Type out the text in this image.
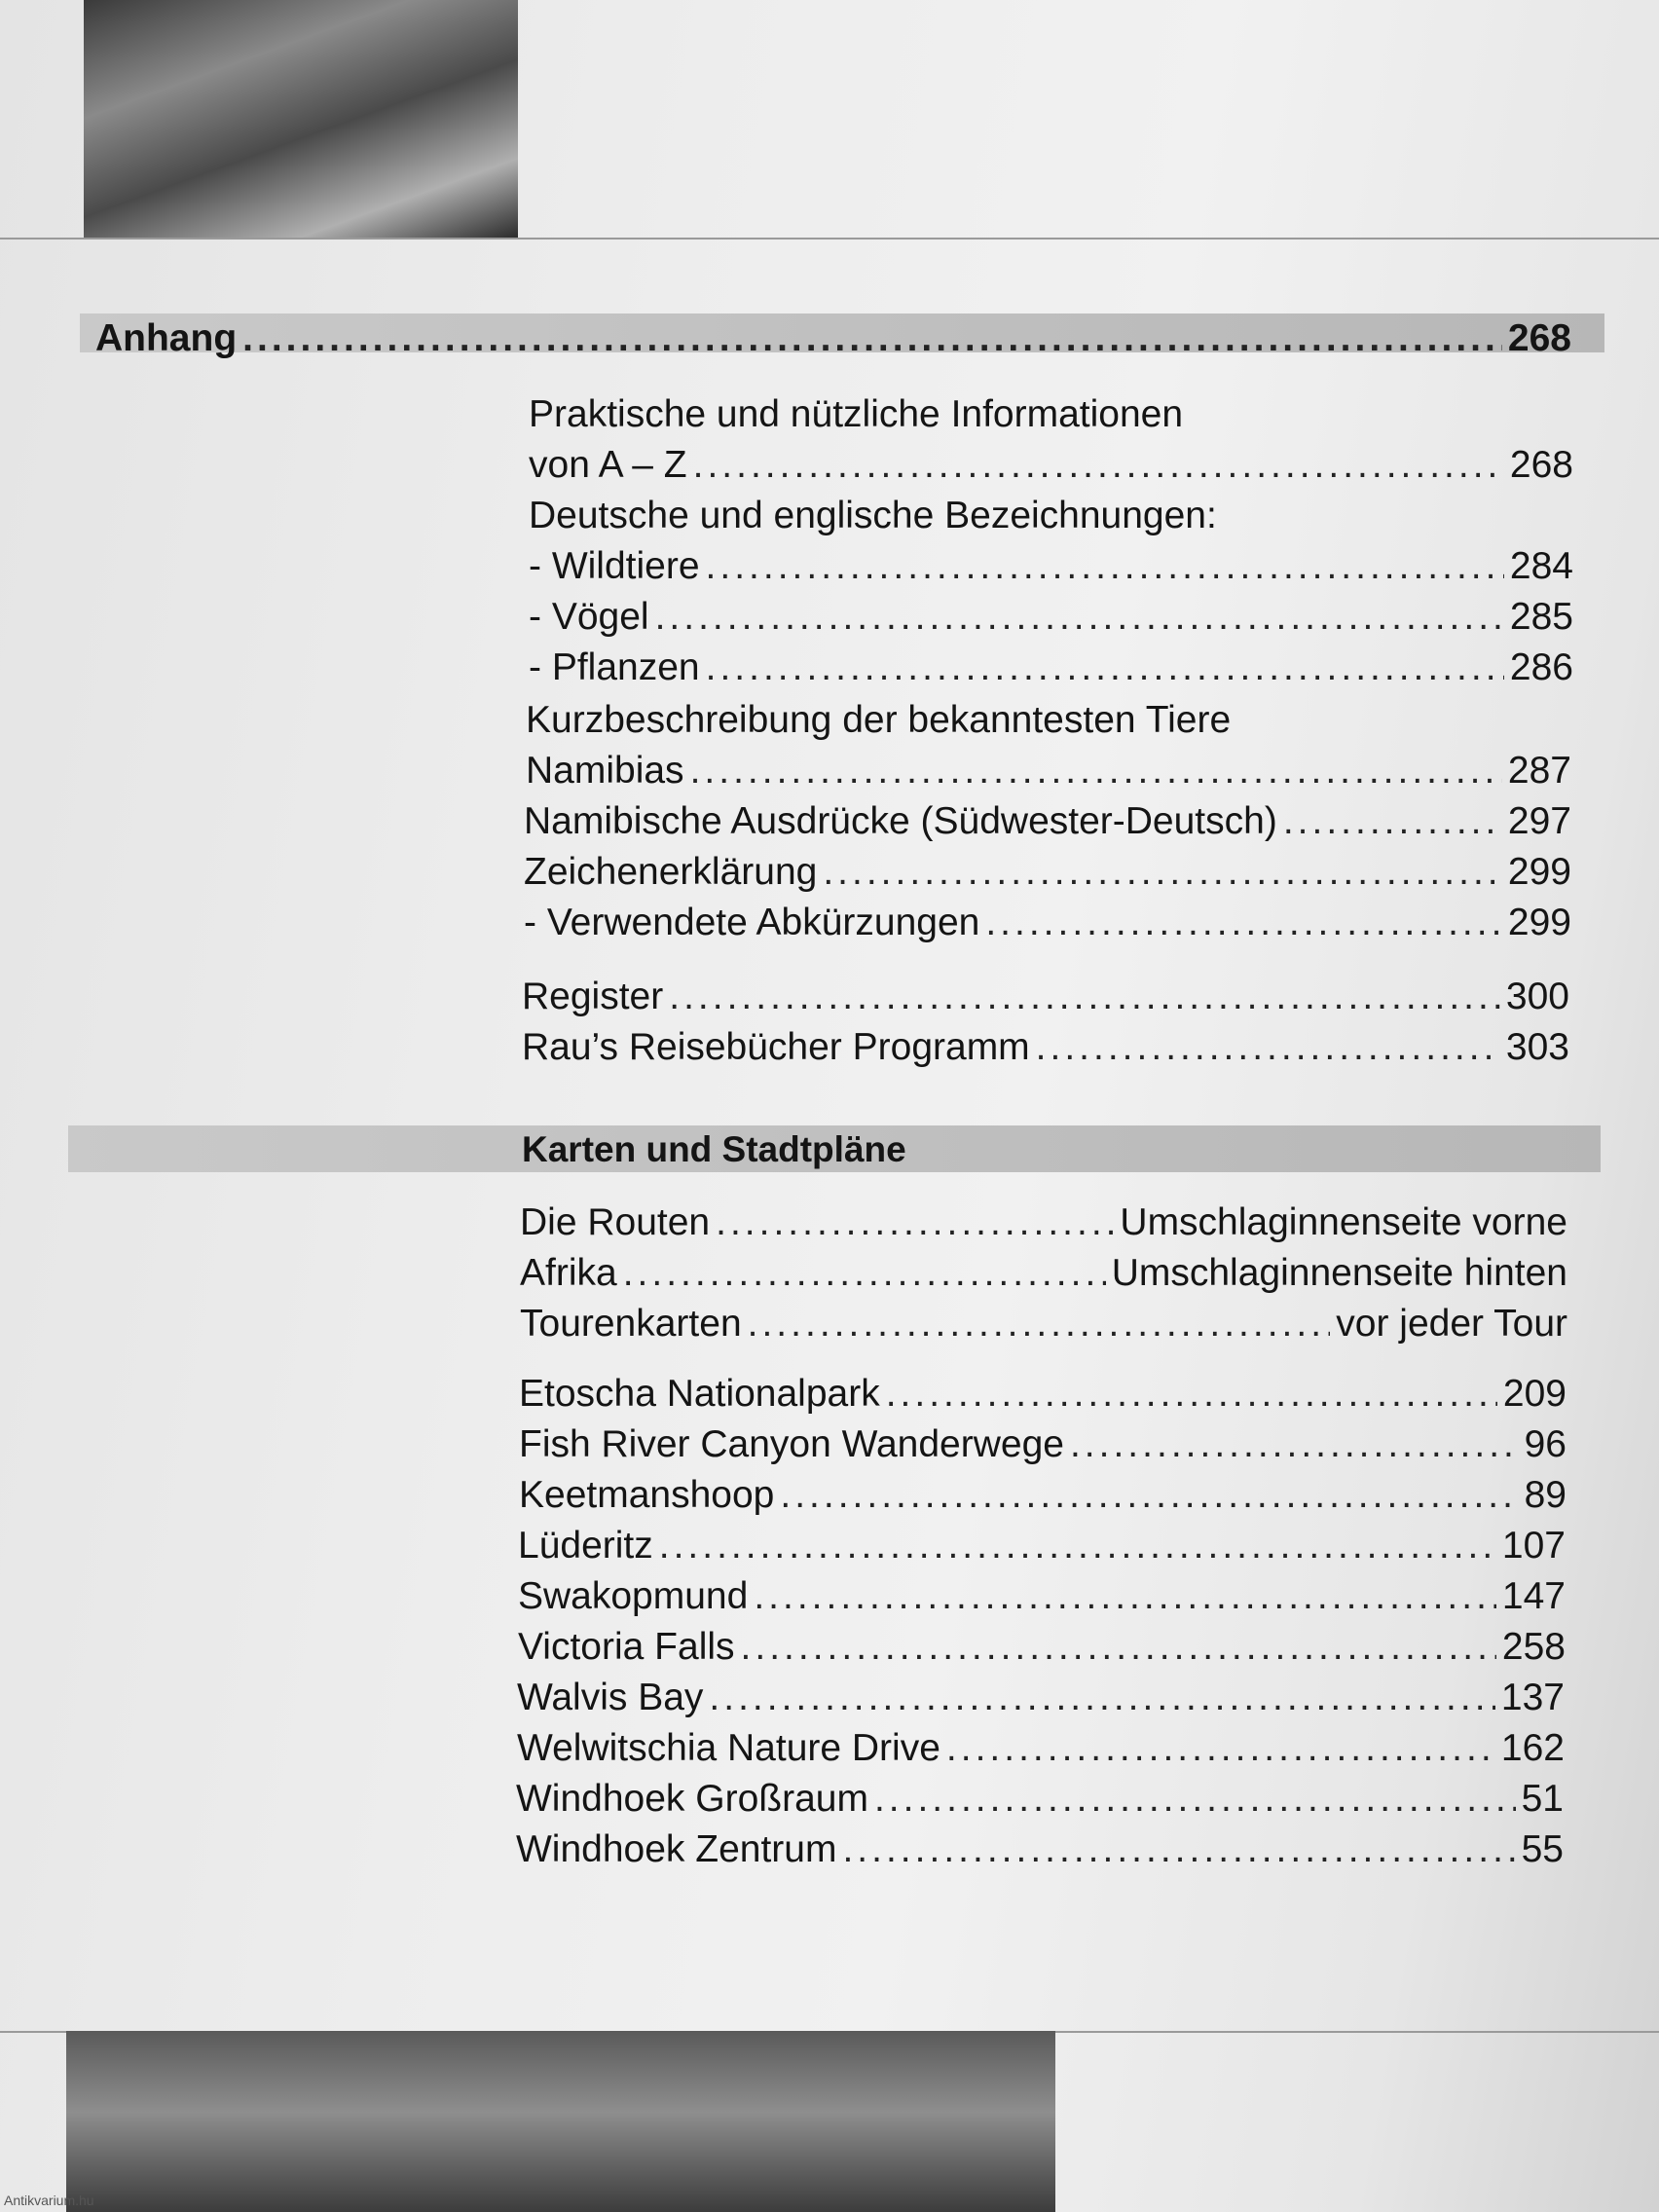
Anhang .....	268
Praktische und nützliche Informationen
von A – Z .....	268
Deutsche und englische Bezeichnungen:
- Wildtiere .....	284
- Vögel .....	285
- Pflanzen .....	286
Kurzbeschreibung der bekanntesten Tiere
Namibias .....	287
Namibische Ausdrücke (Südwester-Deutsch) .....	297
Zeichenerklärung .....	299
- Verwendete Abkürzungen .....	299
Register .....	300
Rau’s Reisebücher Programm .....	303
Karten und Stadtpläne
Die Routen .....	Umschlaginnenseite vorne
Afrika .....	Umschlaginnenseite hinten
Tourenkarten .....	vor jeder Tour
Etoscha Nationalpark .....	209
Fish River Canyon Wanderwege .....	96
Keetmanshoop .....	89
Lüderitz .....	107
Swakopmund .....	147
Victoria Falls .....	258
Walvis Bay .....	137
Welwitschia Nature Drive .....	162
Windhoek Großraum .....	51
Windhoek Zentrum .....	55
Antikvarium.hu
